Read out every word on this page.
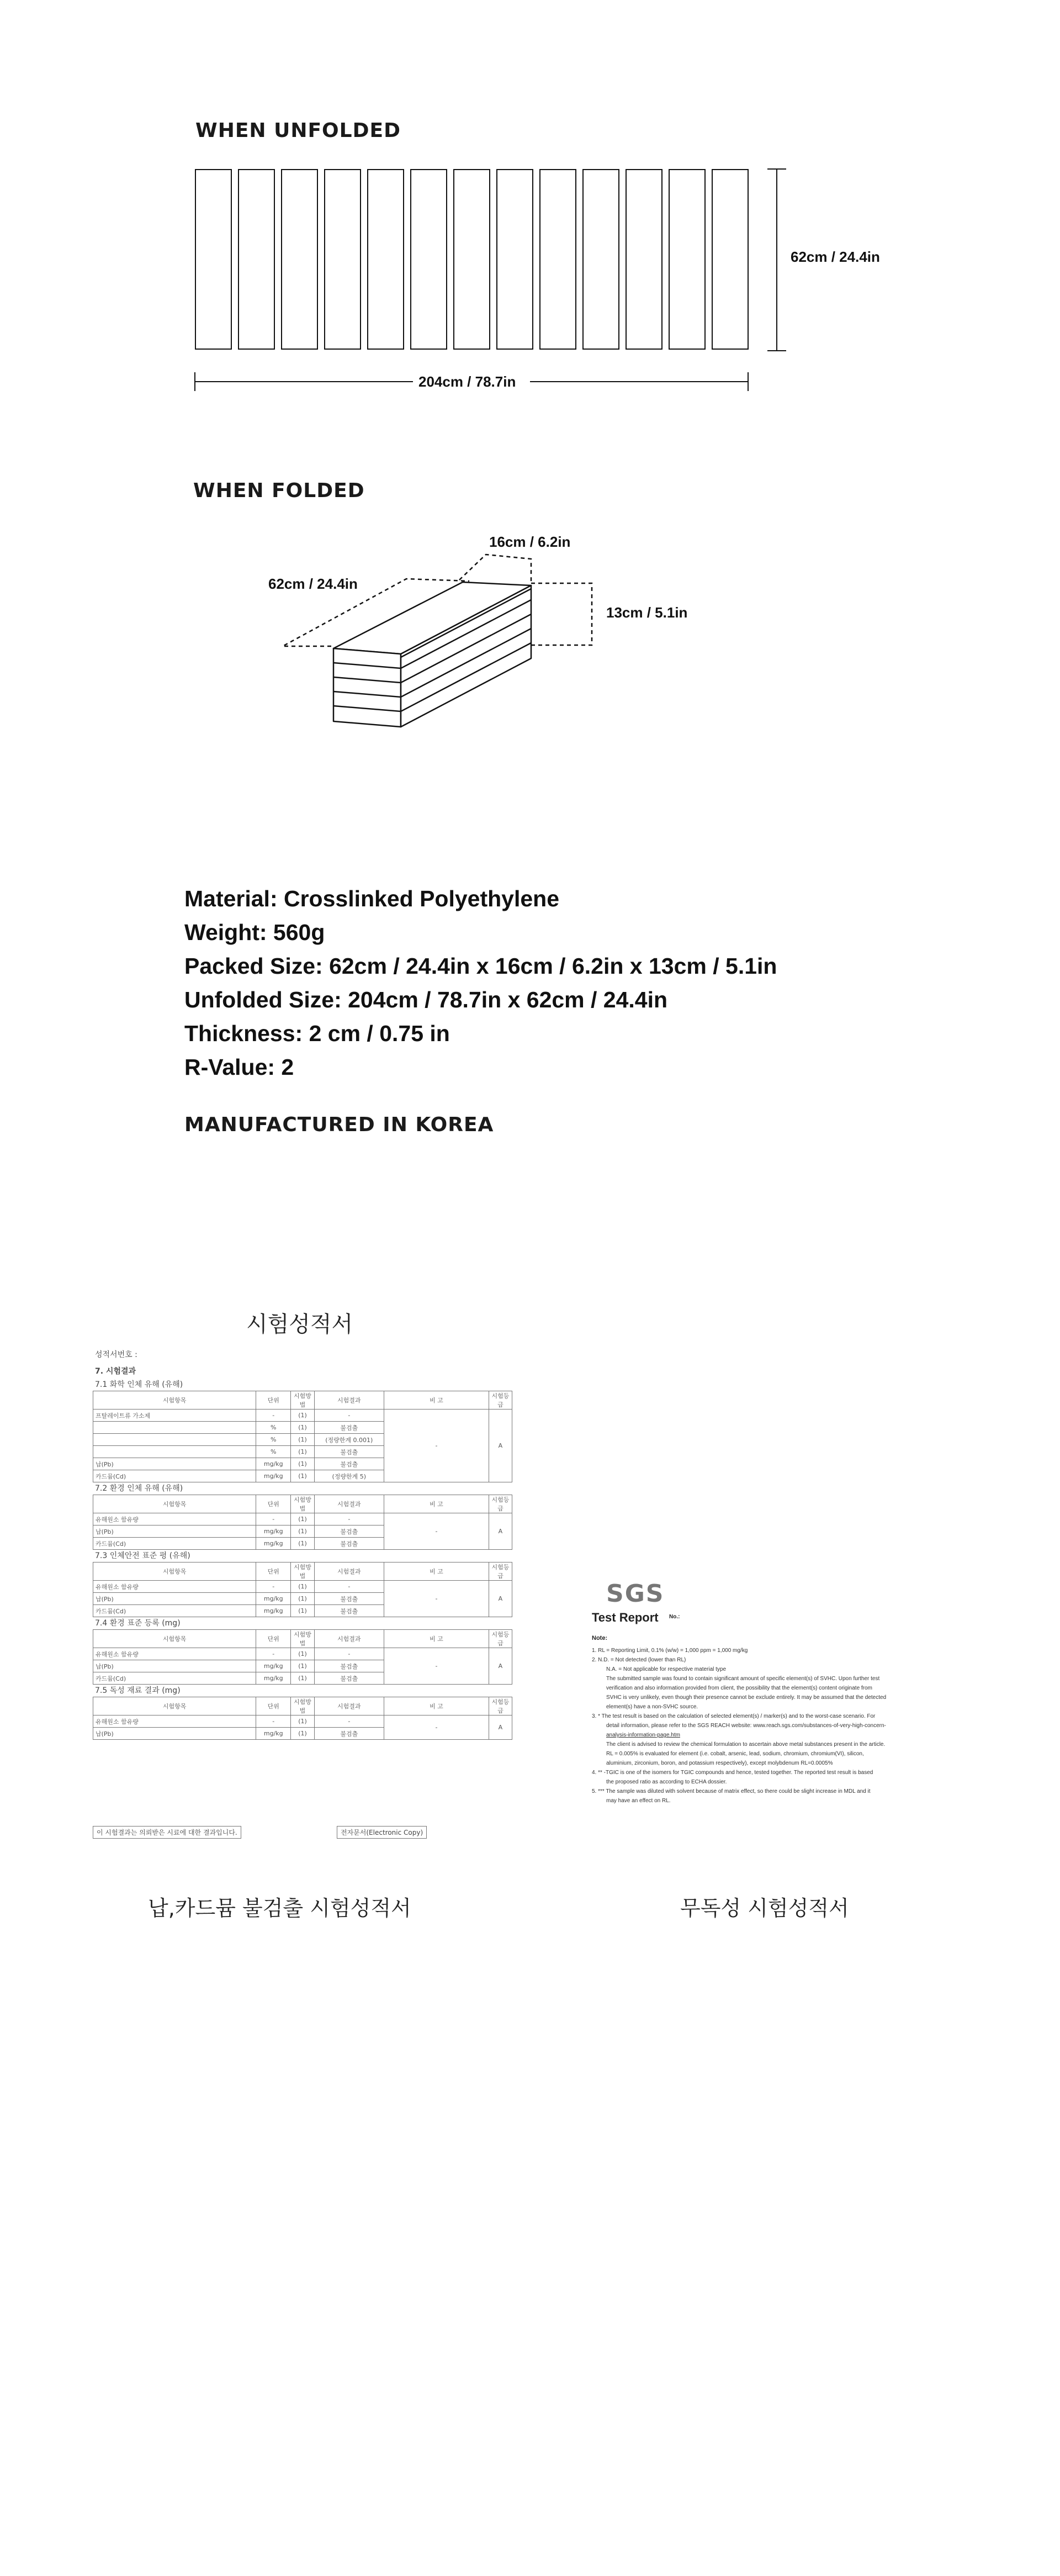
WHEN UNFOLDED
62cm / 24.4in
204cm / 78.7in
WHEN FOLDED
62cm / 24.4in
16cm / 6.2in
13cm / 5.1in
Material: Crosslinked Polyethylene
Weight: 560g
Packed Size: 62cm / 24.4in x 16cm / 6.2in x 13cm / 5.1in
Unfolded Size: 204cm / 78.7in x 62cm / 24.4in
Thickness: 2 cm / 0.75 in
R-Value: 2
MANUFACTURED IN KOREA
시험성적서
성적서번호 :
7. 시험결과
7.1 화학 인체 유해 (유해)
시험항목	단위	시험방법	시험결과	비 고	시험등급
프탈레이트류 가소제	-	(1)	-	-	A
	%	(1)	불검출		
	%	(1)	(정량한계 0.001)		
	%	(1)	불검출		
납(Pb)	mg/kg	(1)	불검출		
카드뮴(Cd)	mg/kg	(1)	(정량한계 5)		
7.2 환경 인체 유해 (유해)
시험항목	단위	시험방법	시험결과	비 고	시험등급
유해원소 함유량	-	(1)	-	-	A
납(Pb)	mg/kg	(1)	불검출		
카드뮴(Cd)	mg/kg	(1)	불검출		
7.3 인체안전 표준 평 (유해)
시험항목	단위	시험방법	시험결과	비 고	시험등급
유해원소 함유량	-	(1)	-	-	A
납(Pb)	mg/kg	(1)	불검출		
카드뮴(Cd)	mg/kg	(1)	불검출		
7.4 환경 표준 등록 (mg)
시험항목	단위	시험방법	시험결과	비 고	시험등급
유해원소 함유량	-	(1)	-	-	A
납(Pb)	mg/kg	(1)	불검출		
카드뮴(Cd)	mg/kg	(1)	불검출		
7.5 독성 재료 결과 (mg)
시험항목	단위	시험방법	시험결과	비 고	시험등급
유해원소 함유량	-	(1)	-	-	A
납(Pb)	mg/kg	(1)	불검출		
이 시험결과는 의뢰받은 시료에 대한 결과입니다.	전자문서(Electronic Copy)
SGS
Test Report No.:
Note:
1. RL = Reporting Limit, 0.1% (w/w) = 1,000 ppm = 1,000 mg/kg
2. N.D. = Not detected (lower than RL)
N.A. = Not applicable for respective material type
The submitted sample was found to contain significant amount of specific element(s) of SVHC. Upon further test
verification and also information provided from client, the possibility that the element(s) content originate from
SVHC is very unlikely, even though their presence cannot be exclude entirely. It may be assumed that the detected
element(s) have a non-SVHC source.
3. * The test result is based on the calculation of selected element(s) / marker(s) and to the worst-case scenario. For
detail information, please refer to the SGS REACH website: www.reach.sgs.com/substances-of-very-high-concern-
analysis-information-page.htm
The client is advised to review the chemical formulation to ascertain above metal substances present in the article.
RL = 0.005% is evaluated for element (i.e. cobalt, arsenic, lead, sodium, chromium, chromium(VI), silicon,
aluminium, zirconium, boron, and potassium respectively), except molybdenum RL=0.0005%
4. ** -TGIC is one of the isomers for TGIC compounds and hence, tested together. The reported test result is based
the proposed ratio as according to ECHA dossier.
5. *** The sample was diluted with solvent because of matrix effect, so there could be slight increase in MDL and it
may have an effect on RL.
납,카드뮴 불검출 시험성적서	무독성 시험성적서
